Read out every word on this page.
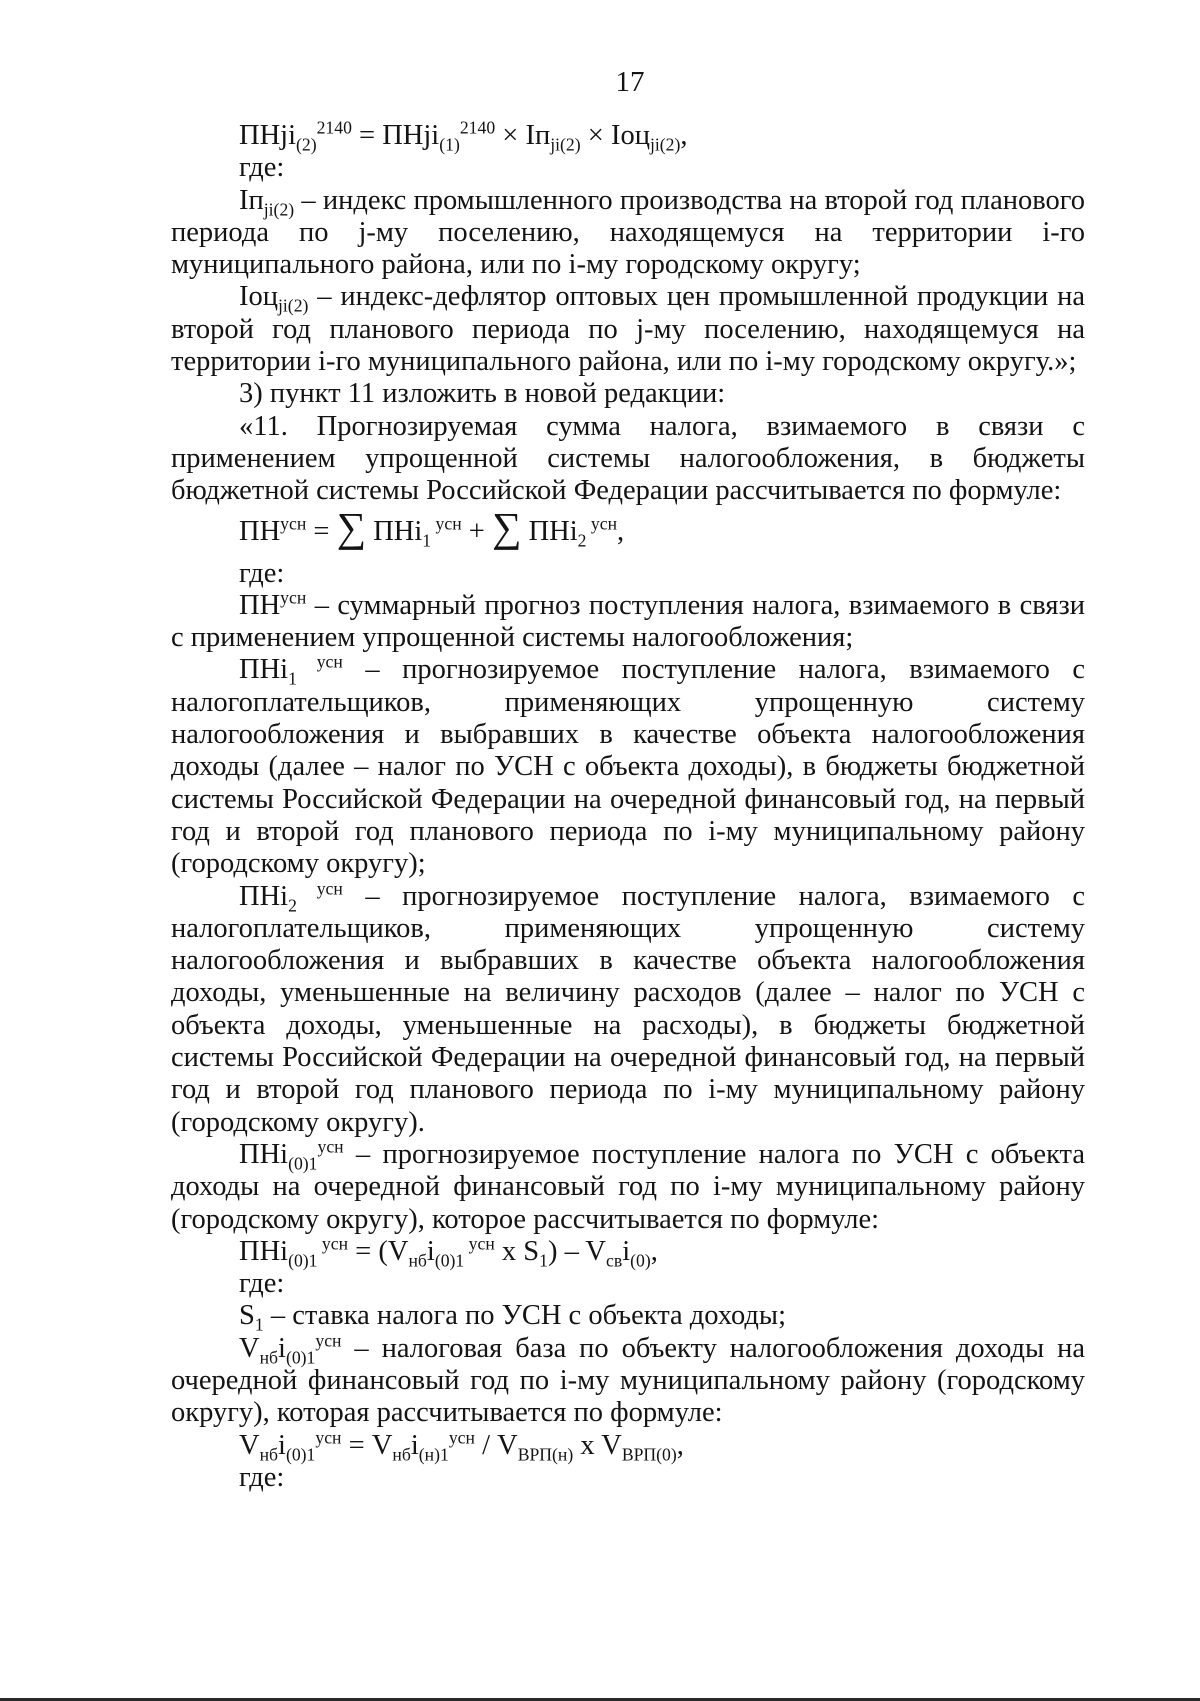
17

ПНji$_{(2)}^{2140}$ = ПНji$_{(1)}^{2140}$ × $Iп_{ji(2)} \times Iоц_{ji(2)}$,

где:

$Iп_{ji(2)}$ – индекс промышленного производства на второй год планового периода по j-му поселению, находящемуся на территории i-го муниципального района, или по i-му городскому округу;

Iоц$_{ji(2)}$ – индекс-дефлятор оптовых цен промышленной продукции на второй год планового периода по j-му поселению, находящемуся на территории i-го муниципального района, или по i-му городскому округу.»;

3) пункт 11 изложить в новой редакции:

«11. Прогнозируемая сумма налога, взимаемого в связи с применением упрощенной системы налогообложения, в бюджеты бюджетной системы Российской Федерации рассчитывается по формуле:

$ПН^{усн}$ = ∑ ПНi$_1$ $^{усн}$ + ∑ ПНi$_2$ $^{усн}$,

где:

$ПН^{усн}$ – суммарный прогноз поступления налога, взимаемого в связи с применением упрощенной системы налогообложения;

ПНi$_1$ $^{усн}$ – прогнозируемое поступление налога, взимаемого с налогоплательщиков, применяющих упрощенную систему налогообложения и выбравших в качестве объекта налогообложения доходы (далее – налог по УСН с объекта доходы), в бюджеты бюджетной системы Российской Федерации на очередной финансовый год, на первый год и второй год планового периода по i-му муниципальному району (городскому округу);

ПНi$_2$ $^{усн}$ – прогнозируемое поступление налога, взимаемого с налогоплательщиков, применяющих упрощенную систему налогообложения и выбравших в качестве объекта налогообложения доходы, уменьшенные на величину расходов (далее – налог по УСН с объекта доходы, уменьшенные на расходы), в бюджеты бюджетной системы Российской Федерации на очередной финансовый год, на первый год и второй год планового периода по i-му муниципальному району (городскому округу).

ПНi$_{(0)1}^{усн}$ – прогнозируемое поступление налога по УСН с объекта доходы на очередной финансовый год по i-му муниципальному району (городскому округу), которое рассчитывается по формуле:

ПНi$_{(0)1}$ $^{усн} = (V_{нб}i_{(0)1}$ $^{усн}$ x $S_1) - V_{св}i_{(0)}$,

где:

$S_1$ – ставка налога по УСН с объекта доходы;

$V_{нб}i_{(0)1}^{усн}$ – налоговая база по объекту налогообложения доходы на очередной финансовый год по i-му муниципальному району (городскому округу), которая рассчитывается по формуле:

$V_{нб}i_{(0)1}^{усн} = V_{нб}i_{(н)1}^{усн} / V_{ВРП(н)}$ x $V_{ВРП(0)}$,

где:
